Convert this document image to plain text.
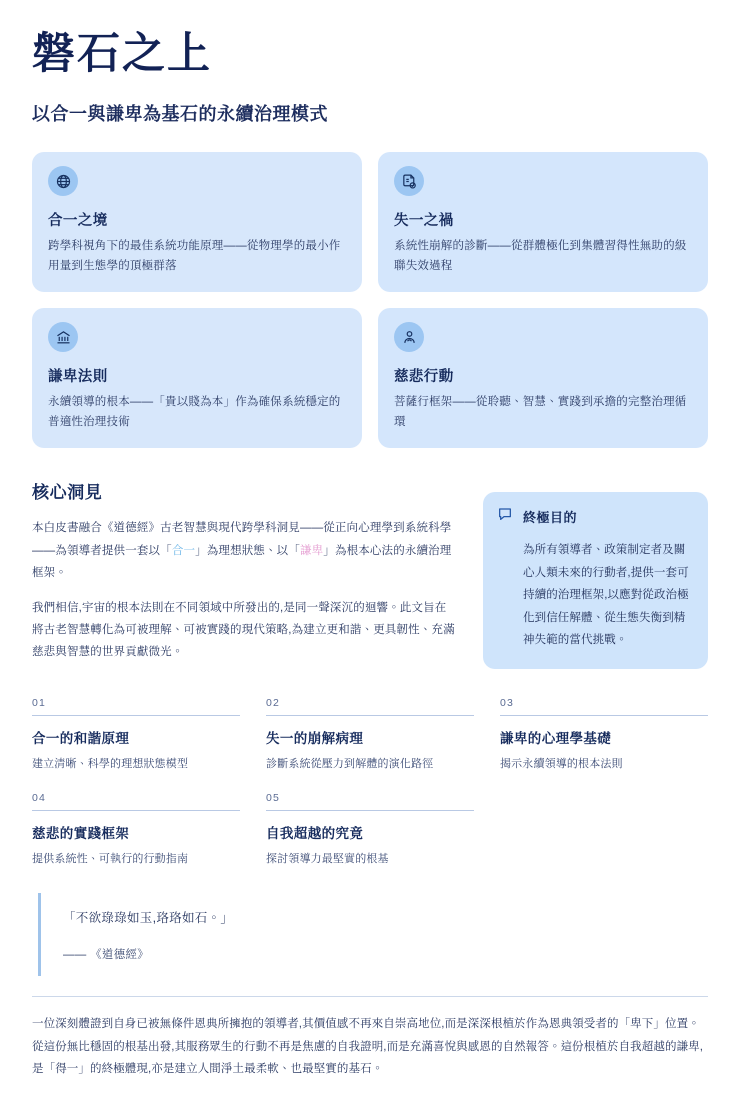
磐石之上
以合一與謙卑為基石的永續治理模式
合一之境
跨學科視角下的最佳系統功能原理——從物理學的最小作用量到生態學的頂極群落
失一之禍
系統性崩解的診斷——從群體極化到集體習得性無助的級聯失效過程
謙卑法則
永續領導的根本——「貴以賤為本」作為確保系統穩定的普適性治理技術
慈悲行動
菩薩行框架——從聆聽、智慧、實踐到承擔的完整治理循環
核心洞見

本白皮書融合《道德經》古老智慧與現代跨學科洞見——從正向心理學到系統科學——為領導者提供一套以「合一」為理想狀態、以「謙卑」為根本心法的永續治理框架。

我們相信,宇宙的根本法則在不同領域中所發出的,是同一聲深沉的迴響。此文旨在將古老智慧轉化為可被理解、可被實踐的現代策略,為建立更和諧、更具韌性、充滿慈悲與智慧的世界貢獻微光。

終極目的
為所有領導者、政策制定者及關心人類未來的行動者,提供一套可持續的治理框架,以應對從政治極化到信任解體、從生態失衡到精神失範的當代挑戰。
01
合一的和諧原理
建立清晰、科學的理想狀態模型
02
失一的崩解病理
診斷系統從壓力到解體的演化路徑
03
謙卑的心理學基礎
揭示永續領導的根本法則
04
慈悲的實踐框架
提供系統性、可執行的行動指南
05
自我超越的究竟
探討領導力最堅實的根基
「不欲琭琭如玉,珞珞如石。」
—— 《道德經》

一位深刻體證到自身已被無條件恩典所擁抱的領導者,其價值感不再來自崇高地位,而是深深根植於作為恩典領受者的「卑下」位置。從這份無比穩固的根基出發,其服務眾生的行動不再是焦慮的自我證明,而是充滿喜悅與感恩的自然報答。這份根植於自我超越的謙卑,是「得一」的終極體現,亦是建立人間淨土最柔軟、也最堅實的基石。
